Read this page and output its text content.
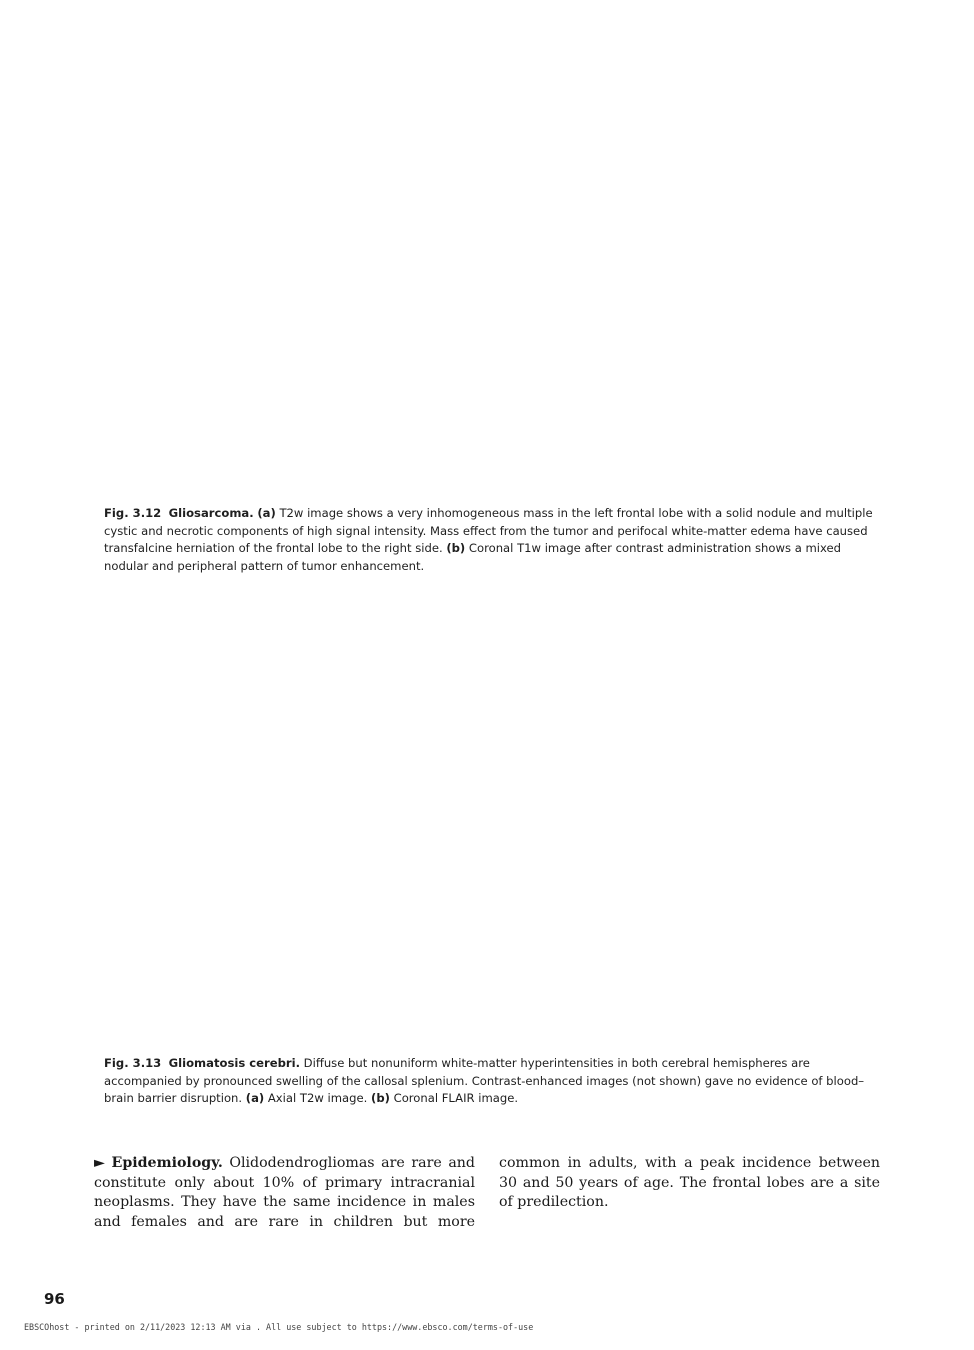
Fig. 3.12 Gliosarcoma. (a) T2w image shows a very inhomogeneous mass in the left frontal lobe with a solid nodule and multiple cystic and necrotic components of high signal intensity. Mass effect from the tumor and perifocal white-matter edema have caused transfalcine herniation of the frontal lobe to the right side. (b) Coronal T1w image after contrast administration shows a mixed nodular and peripheral pattern of tumor enhancement.
Fig. 3.13 Gliomatosis cerebri. Diffuse but nonuniform white-matter hyperintensities in both cerebral hemispheres are accompanied by pronounced swelling of the callosal splenium. Contrast-enhanced images (not shown) gave no evidence of blood–brain barrier disruption. (a) Axial T2w image. (b) Coronal FLAIR image.
► Epidemiology. Olidodendrogliomas are rare and constitute only about 10% of primary intracranial neoplasms. They have the same incidence in males and females and are rare in children but more common in adults, with a peak incidence between 30 and 50 years of age. The frontal lobes are a site of predilection.
96
EBSCOhost - printed on 2/11/2023 12:13 AM via . All use subject to https://www.ebsco.com/terms-of-use
